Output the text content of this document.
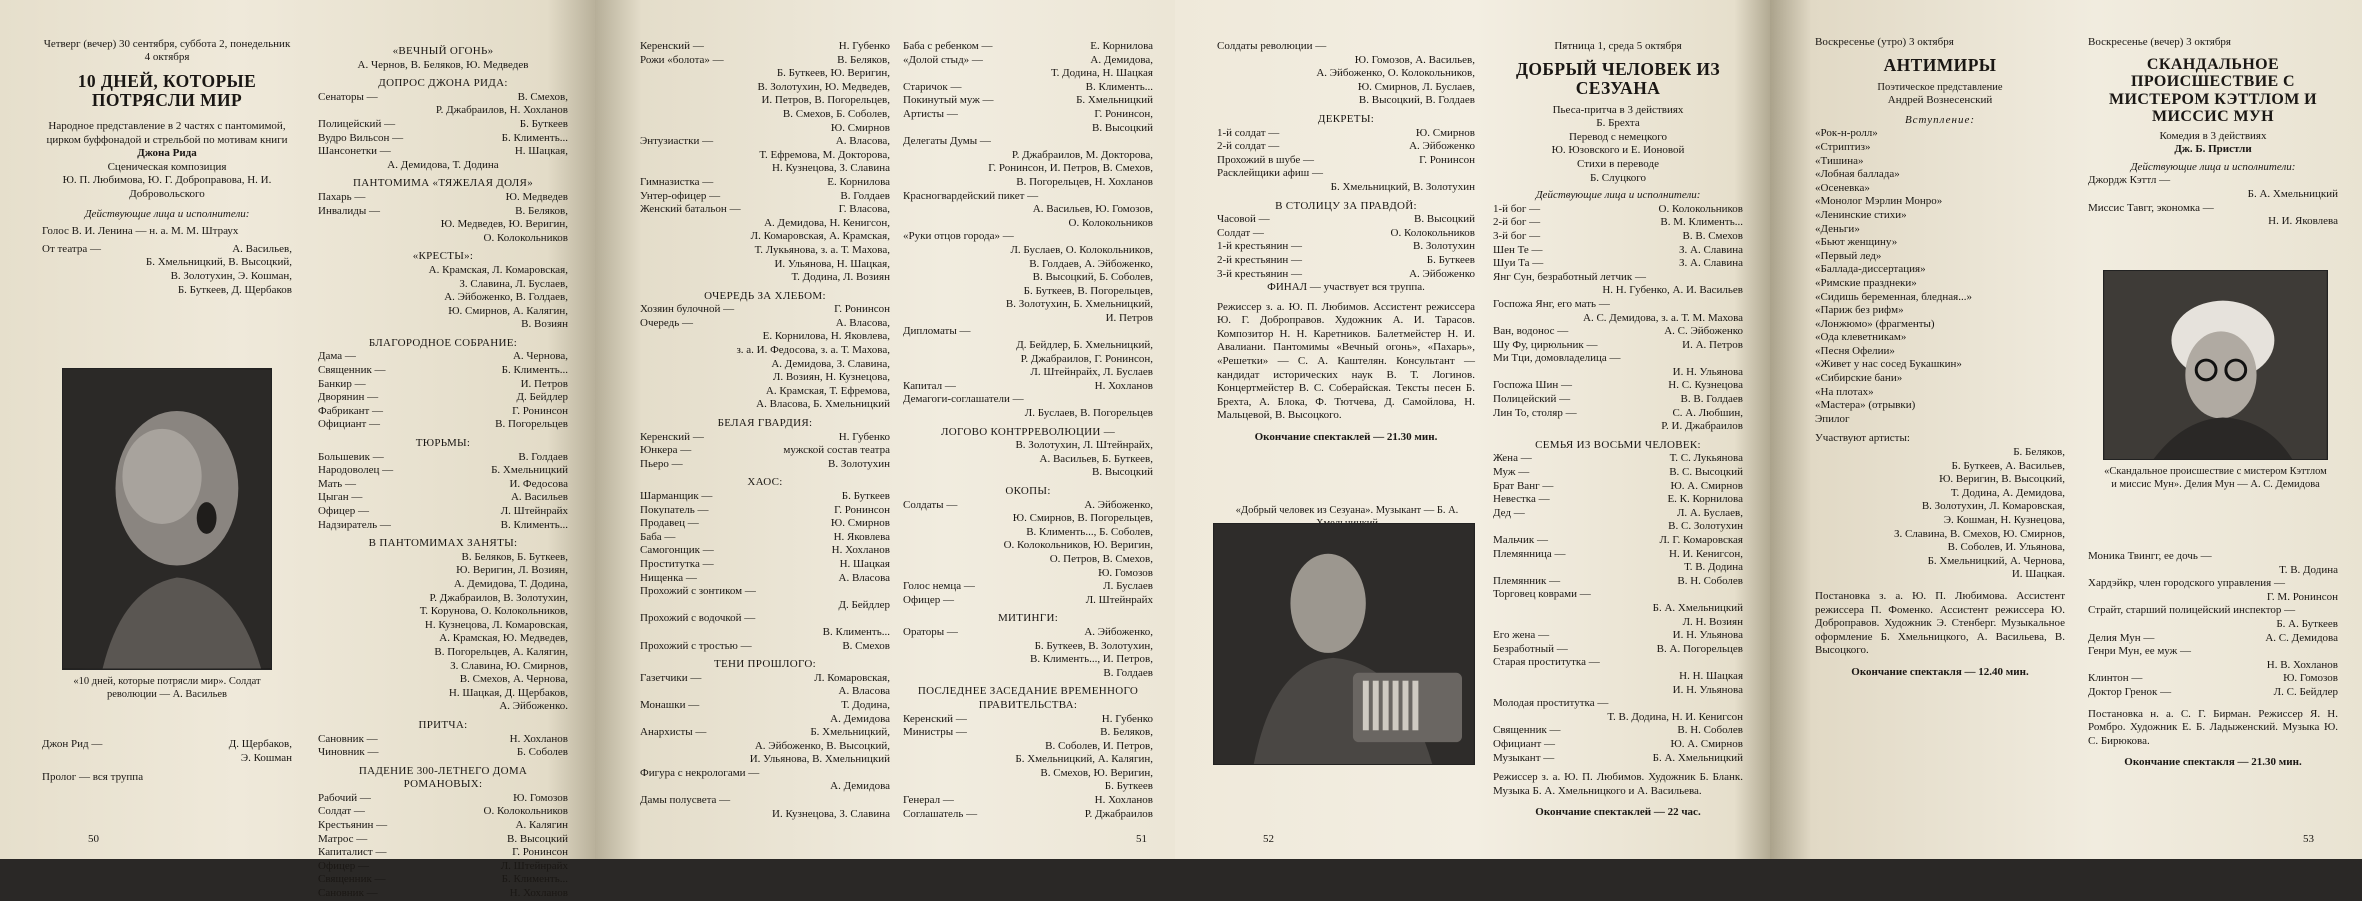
Четверг (вечер) 30 сентября, суббота 2, понедельник 4 октября
10 ДНЕЙ, КОТОРЫЕ ПОТРЯСЛИ МИР
Народное представление в 2 частях с пантомимой, цирком буффонадой и стрельбой по мотивам книги
Джона Рида
Сценическая композиция
Ю. П. Любимова, Ю. Г. Доброправова, Н. И. Добровольского
Действующие лица и исполнители:
Голос В. И. Ленина — н. а. М. М. Штраух
От театра —	А. Васильев,
Б. Хмельницкий, В. Высоцкий,
В. Золотухин, Э. Кошман,
Б. Буткеев, Д. Щербаков
«10 дней, которые потрясли мир». Солдат революции — А. Васильев
Джон Рид —	Д. Щербаков,
Э. Кошман
Пролог — вся труппа
50
«ВЕЧНЫЙ ОГОНЬ»
А. Чернов, В. Беляков, Ю. Медведев
ДОПРОС ДЖОНА РИДА:
Сенаторы —	В. Смехов,
Р. Джабраилов, Н. Хохланов
Полицейский —	Б. Буткеев
Вудро Вильсон —	Б. Клименть...
Шансонетки —	Н. Шацкая,
А. Демидова, Т. Додина
ПАНТОМИМА «ТЯЖЕЛАЯ ДОЛЯ»
Пахарь —	Ю. Медведев
Инвалиды —	В. Беляков,
Ю. Медведев, Ю. Веригин,
О. Колокольников
«КРЕСТЫ»:
А. Крамская, Л. Комаровская,
З. Славина, Л. Буслаев,
А. Эйбоженко, В. Голдаев,
Ю. Смирнов, А. Калягин,
В. Возиян
БЛАГОРОДНОЕ СОБРАНИЕ:
Дама —	А. Чернова,
Священник —	Б. Клименть...
Банкир —	И. Петров
Дворянин —	Д. Бейдлер
Фабрикант —	Г. Ронинсон
Официант —	В. Погорельцев
ТЮРЬМЫ:
Большевик —	В. Голдаев
Народоволец —	Б. Хмельницкий
Мать —	И. Федосова
Цыган —	А. Васильев
Офицер —	Л. Штейнрайх
Надзиратель —	В. Клименть...
В ПАНТОМИМАХ ЗАНЯТЫ:
В. Беляков, Б. Буткеев,
Ю. Веригин, Л. Возиян,
А. Демидова, Т. Додина,
Р. Джабраилов, В. Золотухин,
Т. Корунова, О. Колокольников,
Н. Кузнецова, Л. Комаровская,
А. Крамская, Ю. Медведев,
В. Погорельцев, А. Калягин,
З. Славина, Ю. Смирнов,
В. Смехов, А. Чернова,
Н. Шацкая, Д. Щербаков,
А. Эйбоженко.
ПРИТЧА:
Сановник —	Н. Хохланов
Чиновник —	Б. Соболев
ПАДЕНИЕ 300-ЛЕТНЕГО ДОМА РОМАНОВЫХ:
Рабочий —	Ю. Гомозов
Солдат —	О. Колокольников
Крестьянин —	А. Калягин
Матрос —	В. Высоцкий
Капиталист —	Г. Ронинсон
Офицер —	Л. Штейнрайх
Священник —	Б. Клименть...
Сановник —	Н. Хохланов
Керенский —	Н. Губенко
Рожи «болота» —	В. Беляков,
Б. Буткеев, Ю. Веригин,
В. Золотухин, Ю. Медведев,
И. Петров, В. Погорельцев,
В. Смехов, Б. Соболев,
Ю. Смирнов
Энтузиастки —	А. Власова,
Т. Ефремова, М. Докторова,
Н. Кузнецова, З. Славина
Гимназистка —	Е. Корнилова
Унтер-офицер —	В. Голдаев
Женский батальон —	Г. Власова,
А. Демидова, Н. Кенигсон,
Л. Комаровская, А. Крамская,
Т. Лукьянова, з. а. Т. Махова,
И. Ульянова, Н. Шацкая,
Т. Додина, Л. Возиян
ОЧЕРЕДЬ ЗА ХЛЕБОМ:
Хозяин булочной —	Г. Ронинсон
Очередь —	А. Власова,
Е. Корнилова, Н. Яковлева,
з. а. И. Федосова, з. а. Т. Махова,
А. Демидова, З. Славина,
Л. Возиян, Н. Кузнецова,
А. Крамская, Т. Ефремова,
А. Власова, Б. Хмельницкий
БЕЛАЯ ГВАРДИЯ:
Керенский —	Н. Губенко
Юнкера —	мужской состав театра
Пьеро —	В. Золотухин
ХАОС:
Шарманщик —	Б. Буткеев
Покупатель —	Г. Ронинсон
Продавец —	Ю. Смирнов
Баба —	Н. Яковлева
Самогонщик —	Н. Хохланов
Проститутка —	Н. Шацкая
Нищенка —	А. Власова
Прохожий с зонтиком —
Д. Бейдлер
Прохожий с водочкой —
В. Клименть...
Прохожий с тростью —	В. Смехов
ТЕНИ ПРОШЛОГО:
Газетчики —	Л. Комаровская,
А. Власова
Монашки —	Т. Додина,
А. Демидова
Анархисты —	Б. Хмельницкий,
А. Эйбоженко, В. Высоцкий,
И. Ульянова, В. Хмельницкий
Фигура с некрологами —
А. Демидова
Дамы полусвета —
И. Кузнецова, З. Славина
Баба с ребенком —	Е. Корнилова
«Долой стыд» —	А. Демидова,
Т. Додина, Н. Шацкая
Старичок —	В. Клименть...
Покинутый муж —	Б. Хмельницкий
Артисты —	Г. Ронинсон,
В. Высоцкий
Делегаты Думы —
Р. Джабраилов, М. Докторова,
Г. Ронинсон, И. Петров, В. Смехов,
В. Погорельцев, Н. Хохланов
Красногвардейский пикет —
А. Васильев, Ю. Гомозов,
О. Колокольников
«Руки отцов города» —
Л. Буслаев, О. Колокольников,
В. Голдаев, А. Эйбоженко,
В. Высоцкий, Б. Соболев,
Б. Буткеев, В. Погорельцев,
В. Золотухин, Б. Хмельницкий,
И. Петров
Дипломаты —
Д. Бейдлер, Б. Хмельницкий,
Р. Джабраилов, Г. Ронинсон,
Л. Штейнрайх, Л. Буслаев
Капитал —	Н. Хохланов
Демагоги-соглашатели —
Л. Буслаев, В. Погорельцев
ЛОГОВО КОНТРРЕВОЛЮЦИИ —
В. Золотухин, Л. Штейнрайх,
А. Васильев, Б. Буткеев,
В. Высоцкий
ОКОПЫ:
Солдаты —	А. Эйбоженко,
Ю. Смирнов, В. Погорельцев,
В. Клименть..., Б. Соболев,
О. Колокольников, Ю. Веригин,
О. Петров, В. Смехов,
Ю. Гомозов
Голос немца —	Л. Буслаев
Офицер —	Л. Штейнрайх
МИТИНГИ:
Ораторы —	А. Эйбоженко,
Б. Буткеев, В. Золотухин,
В. Клименть..., И. Петров,
В. Голдаев
ПОСЛЕДНЕЕ ЗАСЕДАНИЕ ВРЕМЕННОГО ПРАВИТЕЛЬСТВА:
Керенский —	Н. Губенко
Министры —	В. Беляков,
В. Соболев, И. Петров,
Б. Хмельницкий, А. Калягин,
В. Смехов, Ю. Веригин,
Б. Буткеев
Генерал —	Н. Хохланов
Соглашатель —	Р. Джабраилов
51
Солдаты революции —
Ю. Гомозов, А. Васильев,
А. Эйбоженко, О. Колокольников,
Ю. Смирнов, Л. Буслаев,
В. Высоцкий, В. Голдаев
ДЕКРЕТЫ:
1-й солдат —	Ю. Смирнов
2-й солдат —	А. Эйбоженко
Прохожий в шубе —	Г. Ронинсон
Расклейщики афиш —
Б. Хмельницкий, В. Золотухин
В СТОЛИЦУ ЗА ПРАВДОЙ:
Часовой —	В. Высоцкий
Солдат —	О. Колокольников
1-й крестьянин —	В. Золотухин
2-й крестьянин —	Б. Буткеев
3-й крестьянин —	А. Эйбоженко
ФИНАЛ — участвует вся труппа.
Режиссер з. а. Ю. П. Любимов. Ассистент режиссера Ю. Г. Доброправов. Художник А. И. Тарасов. Композитор Н. Н. Каретников. Балетмейстер Н. И. Авалиани. Пантомимы «Вечный огонь», «Пахарь», «Решетки» — С. А. Каштелян. Консультант — кандидат исторических наук В. Т. Логинов. Концертмейстер В. С. Соберайская. Тексты песен Б. Брехта, А. Блока, Ф. Тютчева, Д. Самойлова, Н. Мальцевой, В. Высоцкого.
Окончание спектаклей — 21.30 мин.
«Добрый человек из Сезуана». Музыкант — Б. А.
52
Пятница 1, среда 5 октября
ДОБРЫЙ ЧЕЛОВЕК ИЗ СЕЗУАНА
Пьеса-притча в 3 действиях
Б. Брехта
Перевод с немецкого
Ю. Юзовского и Е. Ионовой
Стихи в переводе
Б. Слуцкого
Действующие лица и исполнители:
1-й бог —	О. Колокольников
2-й бог —	В. М. Клименть...
3-й бог —	В. В. Смехов
Шен Те —	З. А. Славина
Шуи Та —	З. А. Славина
Янг Сун, безработный летчик —
Н. Н. Губенко, А. И. Васильев
Госпожа Янг, его мать —
А. С. Демидова, з. а. Т. М. Махова
Ван, водонос —	А. С. Эйбоженко
Шу Фу, цирюльник —	И. А. Петров
Ми Тци, домовладелица —
И. Н. Ульянова
Госпожа Шин —	Н. С. Кузнецова
Полицейский —	В. В. Голдаев
Лин То, столяр —	С. А. Любшин,
Р. И. Джабраилов
СЕМЬЯ ИЗ ВОСЬМИ ЧЕЛОВЕК:
Жена —	Т. С. Лукьянова
Муж —	В. С. Высоцкий
Брат Ванг —	Ю. А. Смирнов
Невестка —	Е. К. Корнилова
Дед —	Л. А. Буслаев,
В. С. Золотухин
Мальчик —	Л. Г. Комаровская
Племянница —	Н. И. Кенигсон,
Т. В. Додина
Племянник —	В. Н. Соболев
Торговец коврами —
Б. А. Хмельницкий
Л. Н. Возиян
Его жена —	И. Н. Ульянова
Безработный —	В. А. Погорельцев
Старая проститутка —
Н. Н. Шацкая
И. Н. Ульянова
Молодая проститутка —
Т. В. Додина, Н. И. Кенигсон
Священник —	В. Н. Соболев
Официант —	Ю. А. Смирнов
Музыкант —	Б. А. Хмельницкий
Режиссер з. а. Ю. П. Любимов. Художник Б. Бланк. Музыка Б. А. Хмельницкого и А. Васильева.
Окончание спектаклей — 22 час.
Воскресенье (утро) 3 октября
АНТИМИРЫ
Поэтическое представление
Андрей Вознесенский
Вступление:
«Рок-н-ролл»
«Стриптиз»
«Тишина»
«Лобная баллада»
«Осеневка»
«Монолог Мэрлин Монро»
«Ленинские стихи»
«Деньги»
«Бьют женщину»
«Первый лед»
«Баллада-диссертация»
«Римские празднеки»
«Сидишь беременная, бледная...»
«Париж без рифм»
«Лонжюмо» (фрагменты)
«Ода клеветникам»
«Песня Офелии»
«Живет у нас сосед Букашкин»
«Сибирские бани»
«На плотах»
«Мастера» (отрывки)
Эпилог
Участвуют артисты:
Б. Беляков,
Б. Буткеев, А. Васильев,
Ю. Веригин, В. Высоцкий,
Т. Додина, А. Демидова,
В. Золотухин, Л. Комаровская,
Э. Кошман, Н. Кузнецова,
З. Славина, В. Смехов, Ю. Смирнов,
В. Соболев, И. Ульянова,
Б. Хмельницкий, А. Чернова,
И. Шацкая.
Постановка з. а. Ю. П. Любимова. Ассистент режиссера П. Фоменко. Ассистент режиссера Ю. Доброправов. Художник Э. Стенберг. Музыкальное оформление Б. Хмельницкого, А. Васильева, В. Высоцкого.
Окончание спектакля — 12.40 мин.
Воскресенье (вечер) 3 октября
СКАНДАЛЬНОЕ ПРОИСШЕСТВИЕ С МИСТЕРОМ КЭТТЛОМ И МИССИС МУН
Комедия в 3 действиях
Дж. Б. Пристли
Действующие лица и исполнители:
Джордж Кэттл —
Б. А. Хмельницкий
Миссис Тавгг, экономка —
Н. И. Яковлева
«Скандальное происшествие с мистером Кэттлом и миссис Мун». Делия Мун — А. С. Демидова
Моника Твингг, ее дочь —
Т. В. Додина
Хардэйкр, член городского управления —
Г. М. Ронинсон
Страйт, старший полицейский инспектор —
Б. А. Буткеев
Делия Мун —	А. С. Демидова
Генри Мун, ее муж —
Н. В. Хохланов
Клинтон —	Ю. Гомозов
Доктор Гренок —	Л. С. Бейдлер
Постановка н. а. С. Г. Бирман. Режиссер Я. Н. Ромбро. Художник Е. Б. Ладыженский. Музыка Ю. С. Бирюкова.
Окончание спектакля — 21.30 мин.
53
